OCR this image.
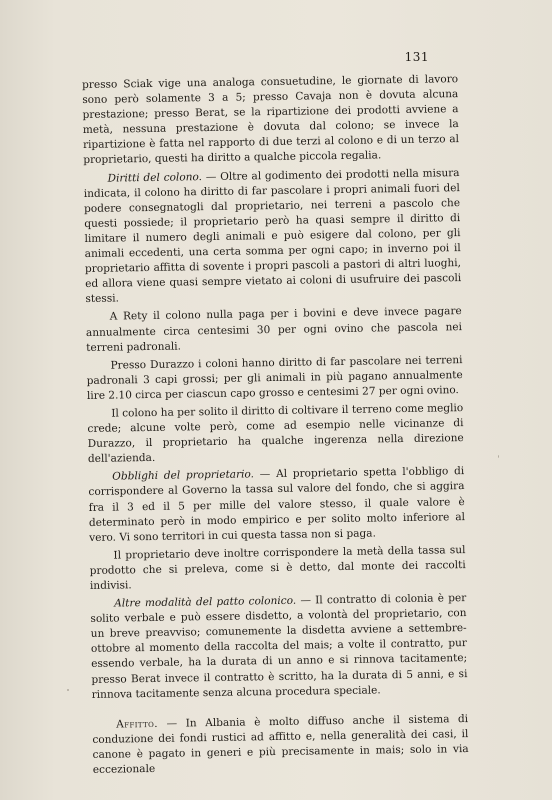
131

presso Sciak vige una analoga consuetudine, le giornate di lavoro sono però solamente 3 a 5; presso Cavaja non è dovuta alcuna prestazione; presso Berat, se la ripartizione dei prodotti avviene a metà, nessuna prestazione è dovuta dal colono; se invece la ripartizione è fatta nel rapporto di due terzi al colono e di un terzo al proprietario, questi ha diritto a qualche piccola regalia.

Diritti del colono. — Oltre al godimento dei prodotti nella misura indicata, il colono ha diritto di far pascolare i propri animali fuori del podere consegnatogli dal proprietario, nei terreni a pascolo che questi possiede; il proprietario però ha quasi sempre il diritto di limitare il numero degli animali e può esigere dal colono, per gli animali eccedenti, una certa somma per ogni capo; in inverno poi il proprietario affitta di sovente i propri pascoli a pastori di altri luoghi, ed allora viene quasi sempre vietato ai coloni di usufruire dei pascoli stessi.

A Rety il colono nulla paga per i bovini e deve invece pagare annualmente circa centesimi 30 per ogni ovino che pascola nei terreni padronali.

Presso Durazzo i coloni hanno diritto di far pascolare nei terreni padronali 3 capi grossi; per gli animali in più pagano annualmente lire 2.10 circa per ciascun capo grosso e centesimi 27 per ogni ovino.

Il colono ha per solito il diritto di coltivare il terreno come meglio crede; alcune volte però, come ad esempio nelle vicinanze di Durazzo, il proprietario ha qualche ingerenza nella direzione dell'azienda.

Obblighi del proprietario. — Al proprietario spetta l'obbligo di corrispondere al Governo la tassa sul valore del fondo, che si aggira fra il 3 ed il 5 per mille del valore stesso, il quale valore è determinato però in modo empirico e per solito molto inferiore al vero. Vi sono territori in cui questa tassa non si paga.

Il proprietario deve inoltre corrispondere la metà della tassa sul prodotto che si preleva, come si è detto, dal monte dei raccolti indivisi.

Altre modalità del patto colonico. — Il contratto di colonia è per solito verbale e può essere disdetto, a volontà del proprietario, con un breve preavviso; comunemente la disdetta avviene a settembre-ottobre al momento della raccolta del mais; a volte il contratto, pur essendo verbale, ha la durata di un anno e si rinnova tacitamente; presso Berat invece il contratto è scritto, ha la durata di 5 anni, e si rinnova tacitamente senza alcuna procedura speciale.

Affitto. — In Albania è molto diffuso anche il sistema di conduzione dei fondi rustici ad affitto e, nella generalità dei casi, il canone è pagato in generi e più precisamente in mais; solo in via eccezionale
